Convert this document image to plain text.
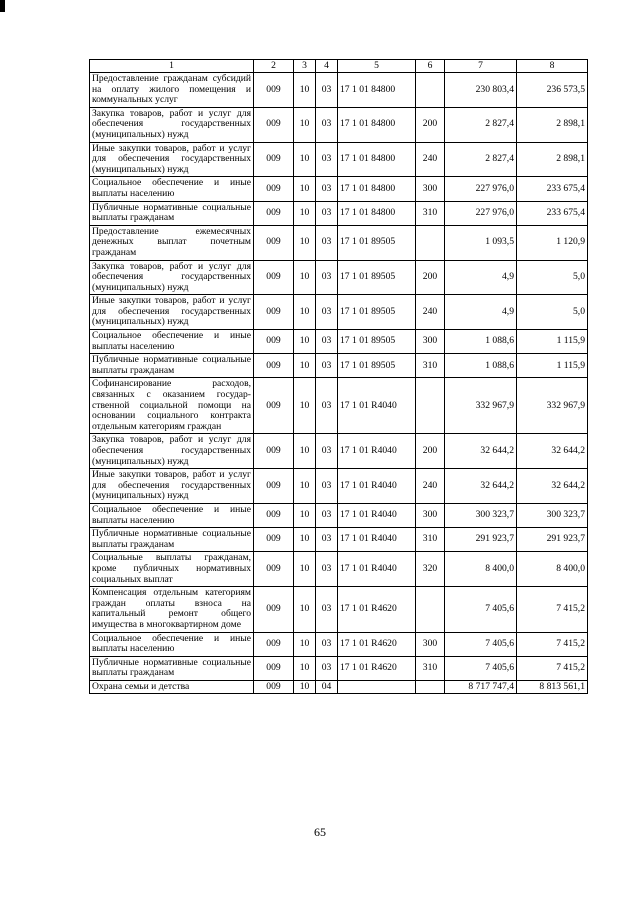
1	2	3	4	5	6	7	8
Предоставление гражданам субсидий на оплату жилого помещения и коммунальных услуг	009	10	03	17 1 01 84800		230 803,4	236 573,5
Закупка товаров, работ и услуг для обеспечения государственных (муниципальных) нужд	009	10	03	17 1 01 84800	200	2 827,4	2 898,1
Иные закупки товаров, работ и услуг для обеспечения государственных (муниципальных) нужд	009	10	03	17 1 01 84800	240	2 827,4	2 898,1
Социальное обеспечение и иные выплаты населению	009	10	03	17 1 01 84800	300	227 976,0	233 675,4
Публичные нормативные социальные выплаты гражданам	009	10	03	17 1 01 84800	310	227 976,0	233 675,4
Предоставление ежемесячных денежных выплат почетным гражданам	009	10	03	17 1 01 89505		1 093,5	1 120,9
Закупка товаров, работ и услуг для обеспечения государственных (муниципальных) нужд	009	10	03	17 1 01 89505	200	4,9	5,0
Иные закупки товаров, работ и услуг для обеспечения государственных (муниципальных) нужд	009	10	03	17 1 01 89505	240	4,9	5,0
Социальное обеспечение и иные выплаты населению	009	10	03	17 1 01 89505	300	1 088,6	1 115,9
Публичные нормативные социальные выплаты гражданам	009	10	03	17 1 01 89505	310	1 088,6	1 115,9
Софинансирование расходов, связанных с оказанием государственной социальной помощи на основании социального контракта отдельным категориям граждан	009	10	03	17 1 01 R4040		332 967,9	332 967,9
Закупка товаров, работ и услуг для обеспечения государственных (муниципальных) нужд	009	10	03	17 1 01 R4040	200	32 644,2	32 644,2
Иные закупки товаров, работ и услуг для обеспечения государственных (муниципальных) нужд	009	10	03	17 1 01 R4040	240	32 644,2	32 644,2
Социальное обеспечение и иные выплаты населению	009	10	03	17 1 01 R4040	300	300 323,7	300 323,7
Публичные нормативные социальные выплаты гражданам	009	10	03	17 1 01 R4040	310	291 923,7	291 923,7
Социальные выплаты гражданам, кроме публичных нормативных социальных выплат	009	10	03	17 1 01 R4040	320	8 400,0	8 400,0
Компенсация отдельным категориям граждан оплаты взноса на капитальный ремонт общего имущества в многоквартирном доме	009	10	03	17 1 01 R4620		7 405,6	7 415,2
Социальное обеспечение и иные выплаты населению	009	10	03	17 1 01 R4620	300	7 405,6	7 415,2
Публичные нормативные социальные выплаты гражданам	009	10	03	17 1 01 R4620	310	7 405,6	7 415,2
Охрана семьи и детства	009	10	04			8 717 747,4	8 813 561,1
65
